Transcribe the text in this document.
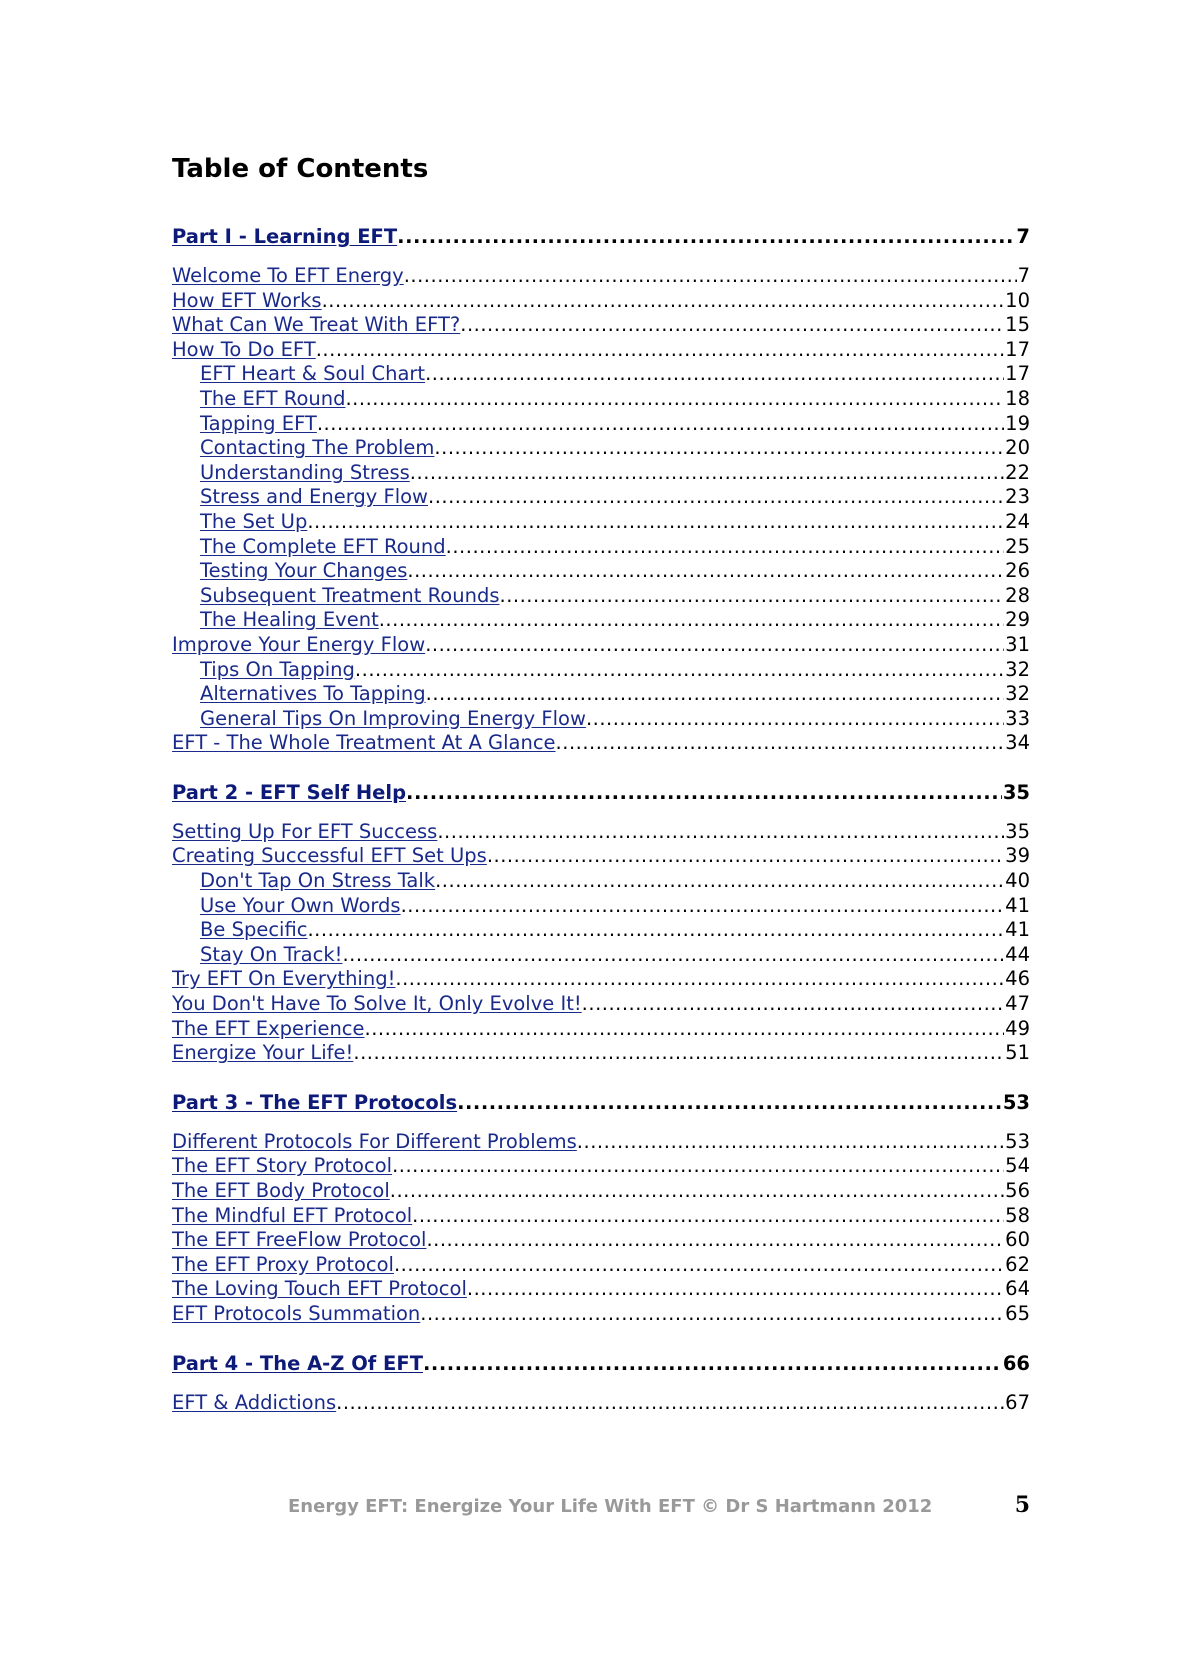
Table of Contents
Part I - Learning EFT .....	7
Welcome To EFT Energy .....	7
How EFT Works .....	10
What Can We Treat With EFT? .....	15
How To Do EFT .....	17
EFT Heart & Soul Chart .....	17
The EFT Round .....	18
Tapping EFT .....	19
Contacting The Problem .....	20
Understanding Stress .....	22
Stress and Energy Flow .....	23
The Set Up .....	24
The Complete EFT Round .....	25
Testing Your Changes .....	26
Subsequent Treatment Rounds .....	28
The Healing Event .....	29
Improve Your Energy Flow .....	31
Tips On Tapping .....	32
Alternatives To Tapping .....	32
General Tips On Improving Energy Flow .....	33
EFT - The Whole Treatment At A Glance .....	34
Part 2 - EFT Self Help .....	35
Setting Up For EFT Success .....	35
Creating Successful EFT Set Ups .....	39
Don't Tap On Stress Talk .....	40
Use Your Own Words .....	41
Be Specific .....	41
Stay On Track! .....	44
Try EFT On Everything! .....	46
You Don't Have To Solve It, Only Evolve It! .....	47
The EFT Experience .....	49
Energize Your Life! .....	51
Part 3 - The EFT Protocols .....	53
Different Protocols For Different Problems .....	53
The EFT Story Protocol .....	54
The EFT Body Protocol .....	56
The Mindful EFT Protocol .....	58
The EFT FreeFlow Protocol .....	60
The EFT Proxy Protocol .....	62
The Loving Touch EFT Protocol .....	64
EFT Protocols Summation .....	65
Part 4 - The A-Z Of EFT .....	66
EFT & Addictions .....	67
Energy EFT: Energize Your Life With EFT © Dr S Hartmann 2012	5
